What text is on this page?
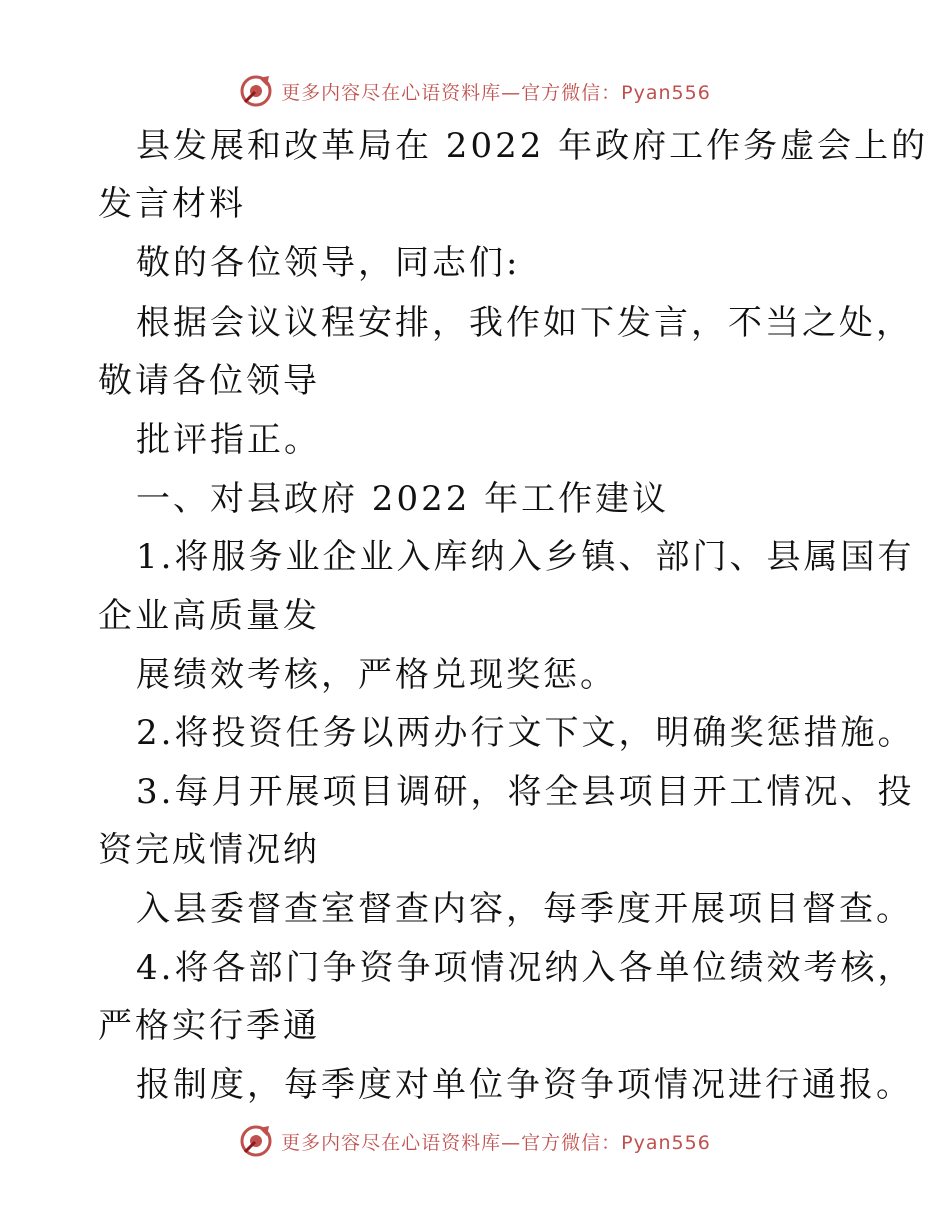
更多内容尽在心语资料库—官方微信：Pyan556
县发展和改革局在 2022 年政府工作务虚会上的
发言材料
敬的各位领导，同志们:
根据会议议程安排，我作如下发言，不当之处，
敬请各位领导
批评指正。
一、对县政府 2022 年工作建议
1.将服务业企业入库纳入乡镇、部门、县属国有
企业高质量发
展绩效考核，严格兑现奖惩。
2.将投资任务以两办行文下文，明确奖惩措施。
3.每月开展项目调研，将全县项目开工情况、投
资完成情况纳
入县委督查室督查内容，每季度开展项目督查。
4.将各部门争资争项情况纳入各单位绩效考核，
严格实行季通
报制度，每季度对单位争资争项情况进行通报。
更多内容尽在心语资料库—官方微信：Pyan556
